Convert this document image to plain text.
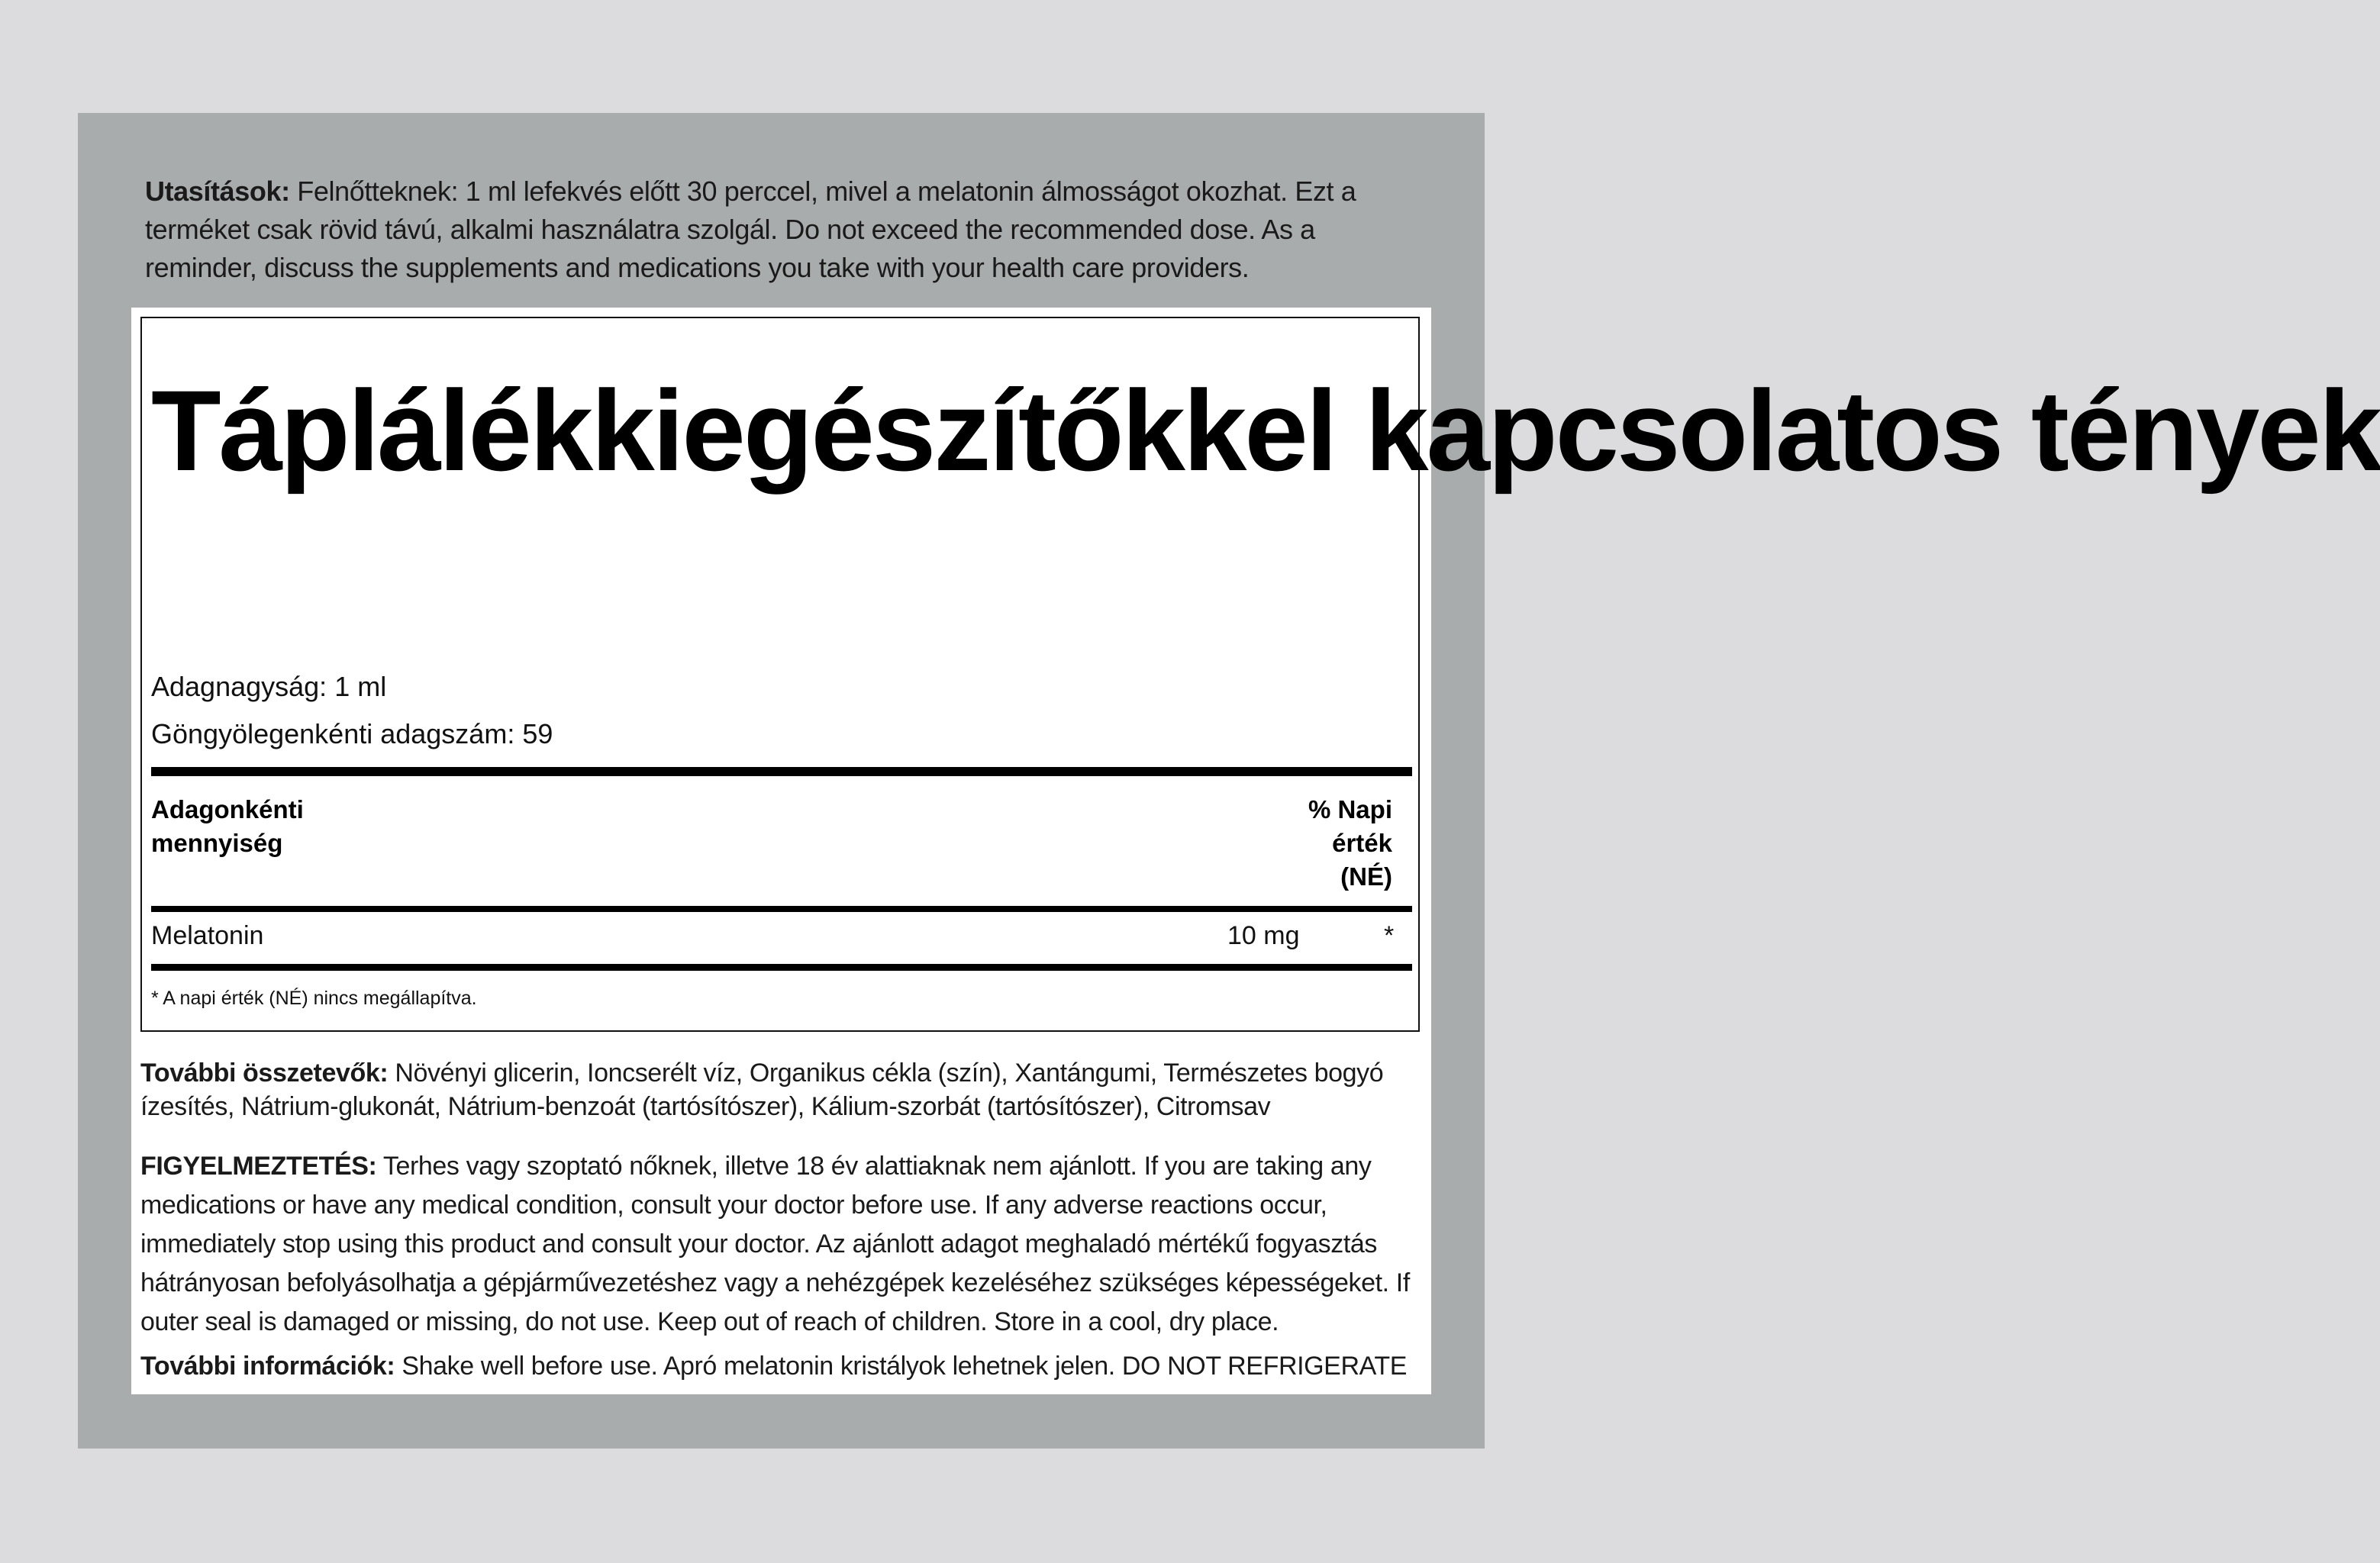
Utasítások: Felnőtteknek: 1 ml lefekvés előtt 30 perccel, mivel a melatonin álmosságot okozhat. Ezt a terméket csak rövid távú, alkalmi használatra szolgál. Do not exceed the recommended dose. As a reminder, discuss the supplements and medications you take with your health care providers.
Táplálékkiegészítőkkel kapcsolatos tények
Adagnagyság: 1 ml
Göngyölegenkénti adagszám: 59
Adagonkénti mennyiség
% Napi érték (NÉ)
Melatonin	10 mg	*
* A napi érték (NÉ) nincs megállapítva.
További összetevők: Növényi glicerin, Ioncserélt víz, Organikus cékla (szín), Xantángumi, Természetes bogyó ízesítés, Nátrium-glukonát, Nátrium-benzoát (tartósítószer), Kálium-szorbát (tartósítószer), Citromsav
FIGYELMEZTETÉS: Terhes vagy szoptató nőknek, illetve 18 év alattiaknak nem ajánlott. If you are taking any medications or have any medical condition, consult your doctor before use. If any adverse reactions occur, immediately stop using this product and consult your doctor. Az ajánlott adagot meghaladó mértékű fogyasztás hátrányosan befolyásolhatja a gépjárművezetéshez vagy a nehézgépek kezeléséhez szükséges képességeket. If outer seal is damaged or missing, do not use. Keep out of reach of children. Store in a cool, dry place.
További információk: Shake well before use. Apró melatonin kristályok lehetnek jelen. DO NOT REFRIGERATE
